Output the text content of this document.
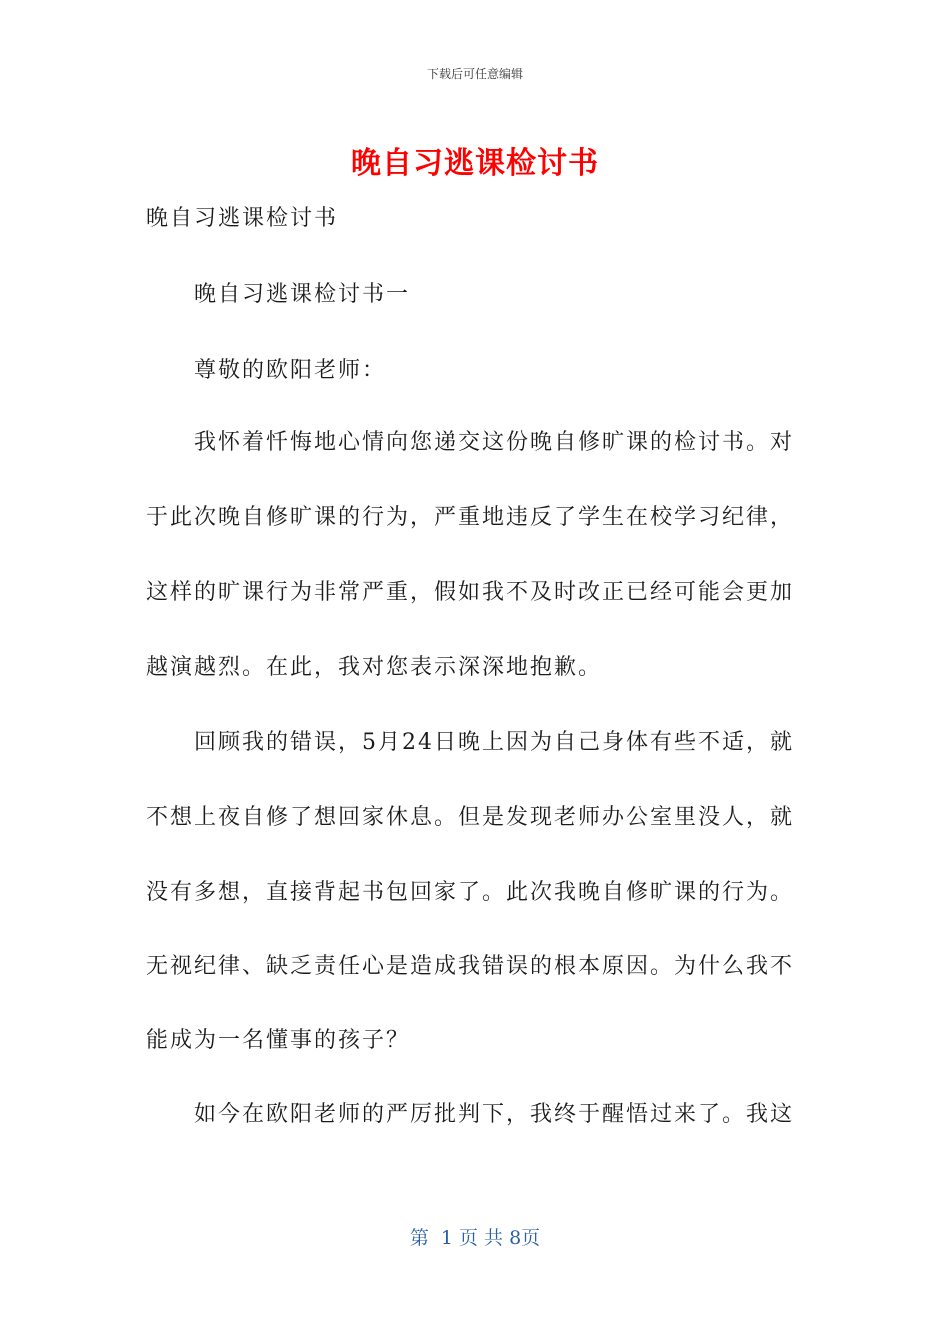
下载后可任意编辑
晚自习逃课检讨书
晚自习逃课检讨书
晚自习逃课检讨书一
尊敬的欧阳老师：
我怀着忏悔地心情向您递交这份晚自修旷课的检讨书。对
于此次晚自修旷课的行为，严重地违反了学生在校学习纪律，
这样的旷课行为非常严重，假如我不及时改正已经可能会更加
越演越烈。在此，我对您表示深深地抱歉。
回顾我的错误，5月24日晚上因为自己身体有些不适，就
不想上夜自修了想回家休息。但是发现老师办公室里没人，就
没有多想，直接背起书包回家了。此次我晚自修旷课的行为。
无视纪律、缺乏责任心是造成我错误的根本原因。为什么我不
能成为一名懂事的孩子？
如今在欧阳老师的严厉批判下，我终于醒悟过来了。我这
第  1 页 共 8页
